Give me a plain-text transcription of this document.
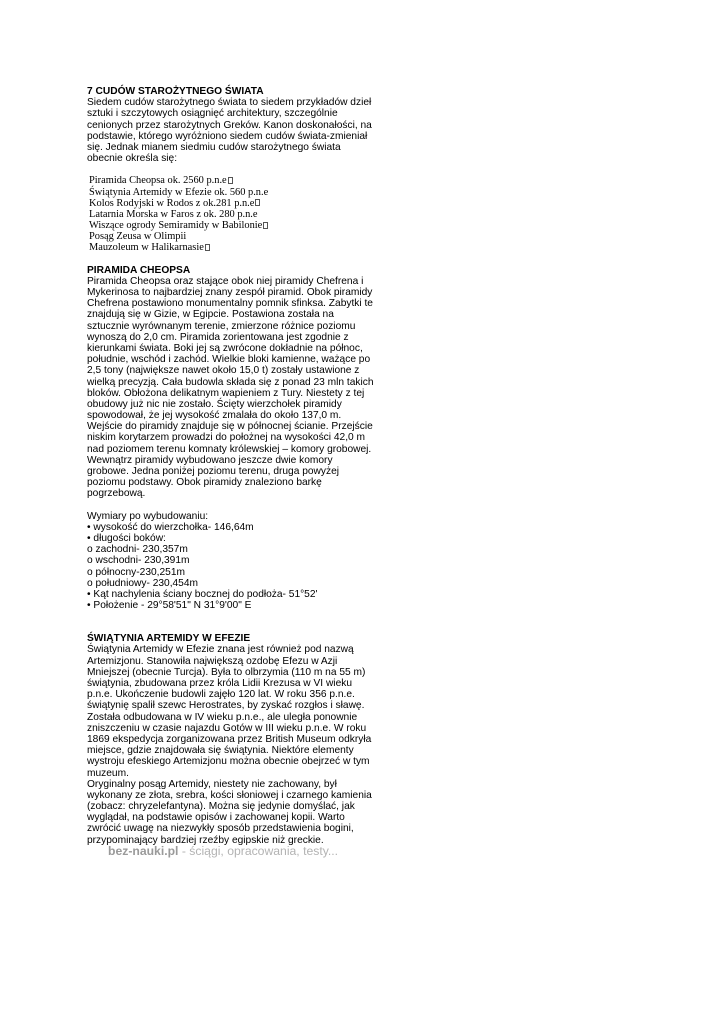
7 CUDÓW STAROŻYTNEGO ŚWIATA
Siedem cudów starożytnego świata to siedem przykładów dzieł
sztuki i szczytowych osiągnięć architektury, szczególnie
cenionych przez starożytnych Greków. Kanon doskonałości, na
podstawie, którego wyróżniono siedem cudów świata-zmieniał
się. Jednak mianem siedmiu cudów starożytnego świata
obecnie określa się:
Piramida Cheopsa ok. 2560 p.n.e
Świątynia Artemidy w Efezie ok. 560 p.n.e
Kolos Rodyjski w Rodos z ok.281 p.n.e
Latarnia Morska w Faros z ok. 280 p.n.e
Wiszące ogrody Semiramidy w Babilonie
Posąg Zeusa w Olimpii
Mauzoleum w Halikarnasie
PIRAMIDA CHEOPSA
Piramida Cheopsa oraz stające obok niej piramidy Chefrena i
Mykerinosa to najbardziej znany zespół piramid. Obok piramidy
Chefrena postawiono monumentalny pomnik sfinksa. Zabytki te
znajdują się w Gizie, w Egipcie. Postawiona została na
sztucznie wyrównanym terenie, zmierzone różnice poziomu
wynoszą do 2,0 cm. Piramida zorientowana jest zgodnie z
kierunkami świata. Boki jej są zwrócone dokładnie na północ,
południe, wschód i zachód. Wielkie bloki kamienne, ważące po
2,5 tony (największe nawet około 15,0 t) zostały ustawione z
wielką precyzją. Cała budowla składa się z ponad 23 mln takich
bloków. Obłożona delikatnym wapieniem z Tury. Niestety z tej
obudowy już nic nie zostało. Ścięty wierzchołek piramidy
spowodował, że jej wysokość zmalała do około 137,0 m.
Wejście do piramidy znajduje się w północnej ścianie. Przejście
niskim korytarzem prowadzi do położnej na wysokości 42,0 m
nad poziomem terenu komnaty królewskiej – komory grobowej.
Wewnątrz piramidy wybudowano jeszcze dwie komory
grobowe. Jedna poniżej poziomu terenu, druga powyżej
poziomu podstawy. Obok piramidy znaleziono barkę
pogrzebową.
Wymiary po wybudowaniu:
• wysokość do wierzchołka- 146,64m
• długości boków:
o zachodni- 230,357m
o wschodni- 230,391m
o północny-230,251m
o południowy- 230,454m
• Kąt nachylenia ściany bocznej do podłoża- 51°52'
• Położenie - 29°58'51" N 31°9'00" E
ŚWIĄTYNIA ARTEMIDY W EFEZIE
Świątynia Artemidy w Efezie znana jest również pod nazwą
Artemizjonu. Stanowiła największą ozdobę Efezu w Azji
Mniejszej (obecnie Turcja). Była to olbrzymia (110 m na 55 m)
świątynia, zbudowana przez króla Lidii Krezusa w VI wieku
p.n.e. Ukończenie budowli zajęło 120 lat. W roku 356 p.n.e.
świątynię spalił szewc Herostrates, by zyskać rozgłos i sławę.
Została odbudowana w IV wieku p.n.e., ale uległa ponownie
zniszczeniu w czasie najazdu Gotów w III wieku p.n.e. W roku
1869 ekspedycja zorganizowana przez British Museum odkryła
miejsce, gdzie znajdowała się świątynia. Niektóre elementy
wystroju efeskiego Artemizjonu można obecnie obejrzeć w tym
muzeum.
Oryginalny posąg Artemidy, niestety nie zachowany, był
wykonany ze złota, srebra, kości słoniowej i czarnego kamienia
(zobacz: chryzelefantyna). Można się jedynie domyślać, jak
wyglądał, na podstawie opisów i zachowanej kopii. Warto
zwrócić uwagę na niezwykły sposób przedstawienia bogini,
przypominający bardziej rzeźby egipskie niż greckie.
bez-nauki.pl - ściągi, opracowania, testy...
